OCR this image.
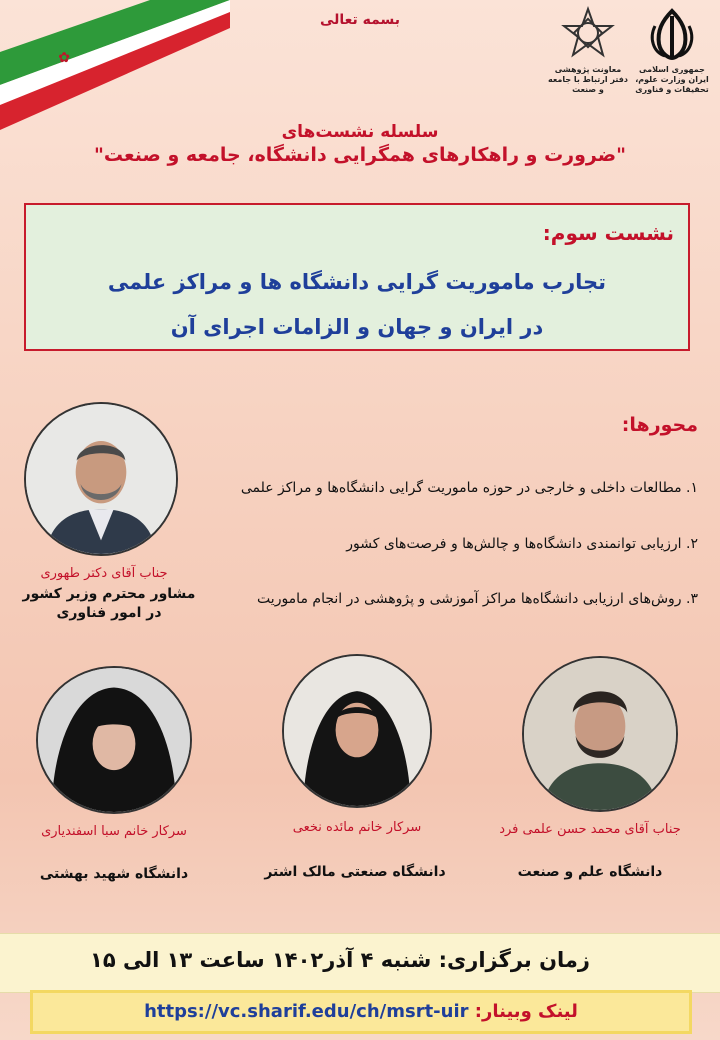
✿
بسمه تعالی
جمهوری اسلامی ایران وزارت علوم، تحقیقات و فناوری
معاونت پژوهشی دفتر ارتباط با جامعه و صنعت
سلسله نشست‌های
"ضرورت و راهکارهای همگرایی دانشگاه، جامعه و صنعت"
نشست سوم:
تجارب ماموریت گرایی دانشگاه ها و مراکز علمی
در ایران و جهان و الزامات اجرای آن
محورها:
۱. مطالعات داخلی و خارجی در حوزه ماموریت گرایی دانشگاه‌ها و مراکز علمی
۲. ارزیابی توانمندی دانشگاه‌ها و چالش‌ها و فرصت‌های کشور
۳. روش‌های ارزیابی دانشگاه‌ها مراکز آموزشی و پژوهشی در انجام ماموریت
جناب آقای دکتر طهوری
مشاور محترم وزیر کشور در امور فناوری
جناب آقای محمد حسن علمی فرد
دانشگاه علم و صنعت
سرکار خانم مائده نخعی
دانشگاه صنعتی مالک اشتر
سرکار خانم سبا اسفندیاری
دانشگاه شهید بهشتی
زمان برگزاری: شنبه ۴ آذر۱۴۰۲ ساعت ۱۳ الی ۱۵
لینک وبینار: https://vc.sharif.edu/ch/msrt-uir
